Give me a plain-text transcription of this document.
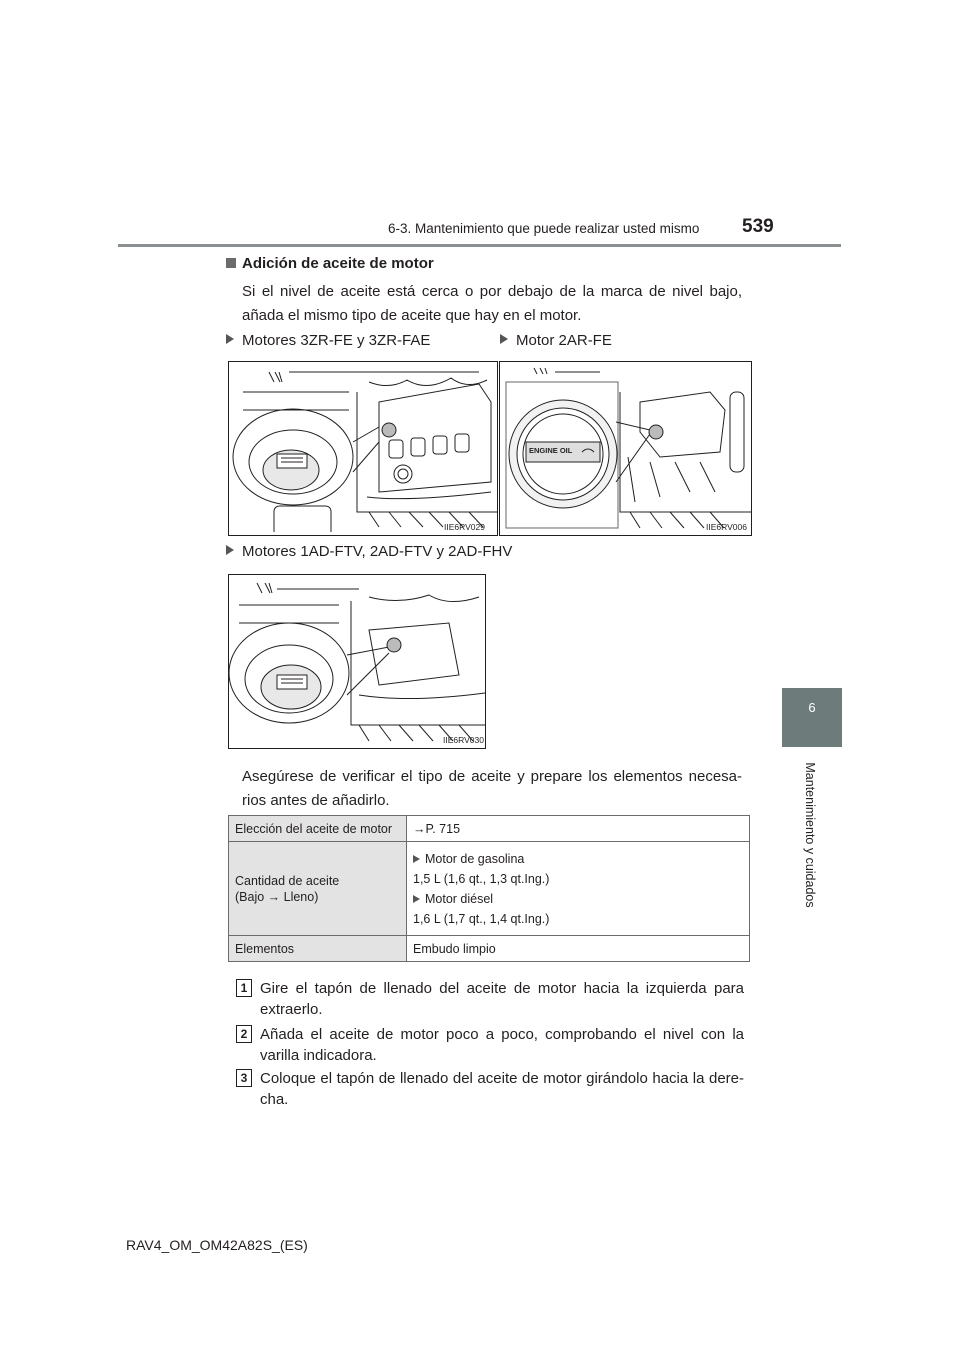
6-3. Mantenimiento que puede realizar usted mismo 539
6
Mantenimiento y cuidados
Adición de aceite de motor
Si el nivel de aceite está cerca o por debajo de la marca de nivel bajo,
añada el mismo tipo de aceite que hay en el motor.
Motores 3ZR-FE y 3ZR-FAE	Motor 2AR-FE
IIE6RV029
ENGINE OIL
IIE6RV006
Motores 1AD-FTV, 2AD-FTV y 2AD-FHV
IIE6RV030
Asegúrese de verificar el tipo de aceite y prepare los elementos necesa-
rios antes de añadirlo.
Elección del aceite de motor	→P. 715

Cantidad de aceite
(Bajo → Lleno)	Motor de gasolina
1,5 L (1,6 qt., 1,3 qt.Ing.)
Motor diésel
1,6 L (1,7 qt., 1,4 qt.Ing.)

Elementos	Embudo limpio
1 Gire el tapón de llenado del aceite de motor hacia la izquierda para
extraerlo.
2 Añada el aceite de motor poco a poco, comprobando el nivel con la
varilla indicadora.
3 Coloque el tapón de llenado del aceite de motor girándolo hacia la dere-
cha.
RAV4_OM_OM42A82S_(ES)
